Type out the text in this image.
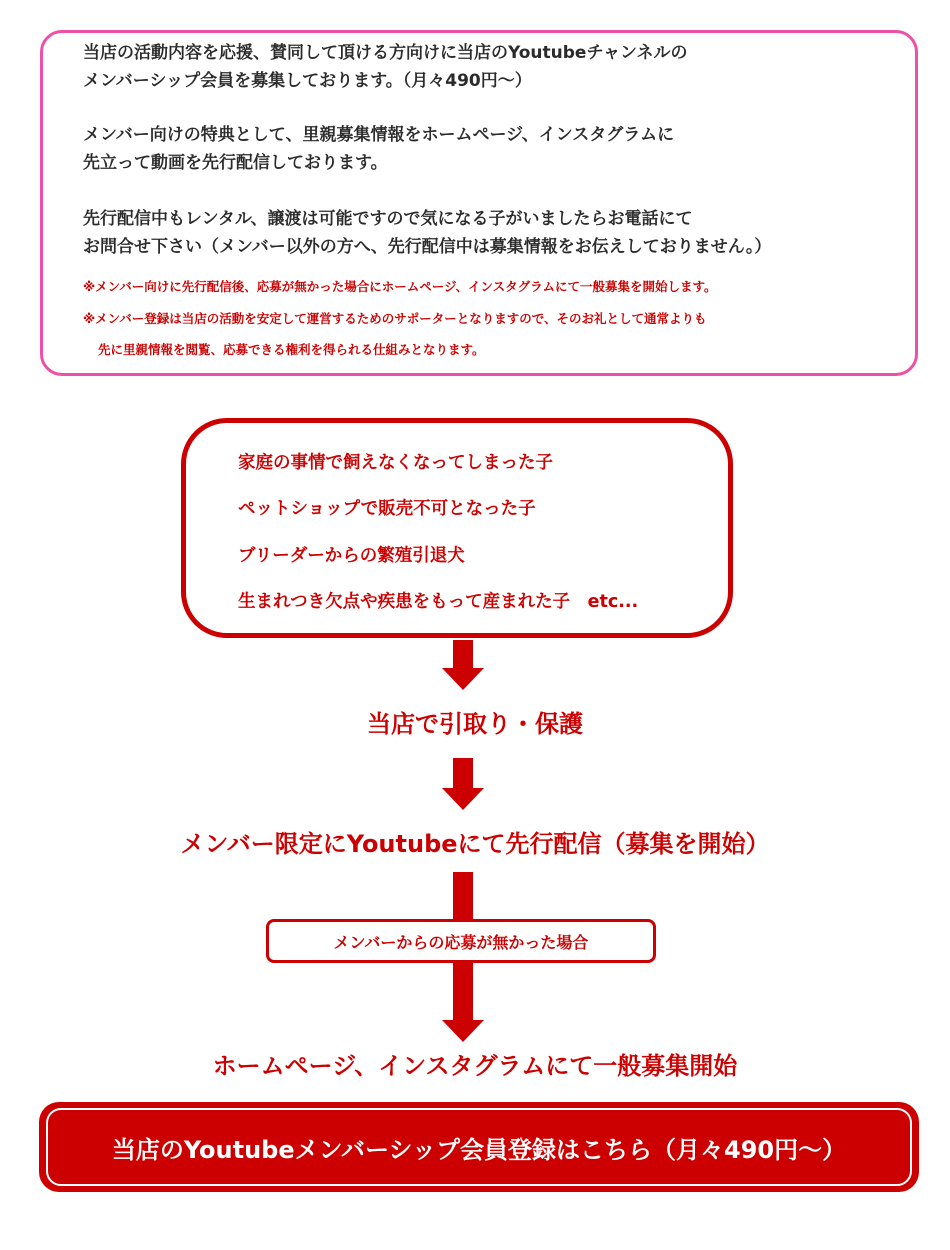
当店の活動内容を応援、賛同して頂ける方向けに当店のYoutubeチャンネルの
メンバーシップ会員を募集しております。（月々490円～）
メンバー向けの特典として、里親募集情報をホームページ、インスタグラムに
先立って動画を先行配信しております。
先行配信中もレンタル、譲渡は可能ですので気になる子がいましたらお電話にて
お問合せ下さい（メンバー以外の方へ、先行配信中は募集情報をお伝えしておりません。）
※メンバー向けに先行配信後、応募が無かった場合にホームページ、インスタグラムにて一般募集を開始します。
※メンバー登録は当店の活動を安定して運営するためのサポーターとなりますので、そのお礼として通常よりも
先に里親情報を閲覧、応募できる権利を得られる仕組みとなります。
家庭の事情で飼えなくなってしまった子
ペットショップで販売不可となった子
ブリーダーからの繁殖引退犬
生まれつき欠点や疾患をもって産まれた子　etc...
当店で引取り・保護
メンバー限定にYoutubeにて先行配信（募集を開始）
メンバーからの応募が無かった場合
ホームページ、インスタグラムにて一般募集開始
当店のYoutubeメンバーシップ会員登録はこちら（月々490円～）
